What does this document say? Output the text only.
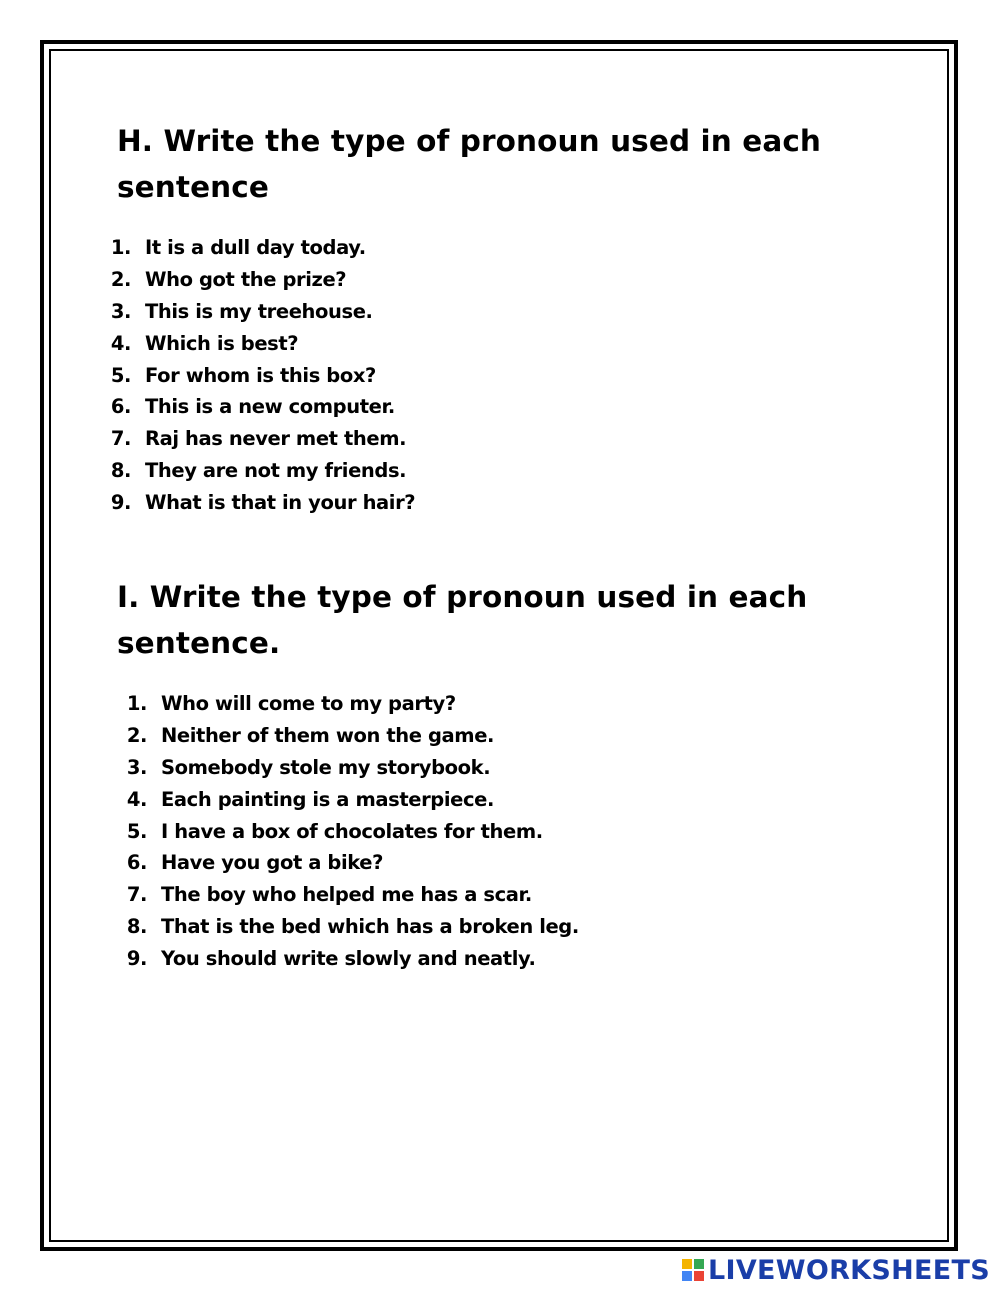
H. Write the type of pronoun used in each sentence
1. It is a dull day today.
2. Who got the prize?
3. This is my treehouse.
4. Which is best?
5. For whom is this box?
6. This is a new computer.
7. Raj has never met them.
8. They are not my friends.
9. What is that in your hair?
I. Write the type of pronoun used in each sentence.
1. Who will come to my party?
2. Neither of them won the game.
3. Somebody stole my storybook.
4. Each painting is a masterpiece.
5. I have a box of chocolates for them.
6. Have you got a bike?
7. The boy who helped me has a scar.
8. That is the bed which has a broken leg.
9. You should write slowly and neatly.
LIVEWORKSHEETS
